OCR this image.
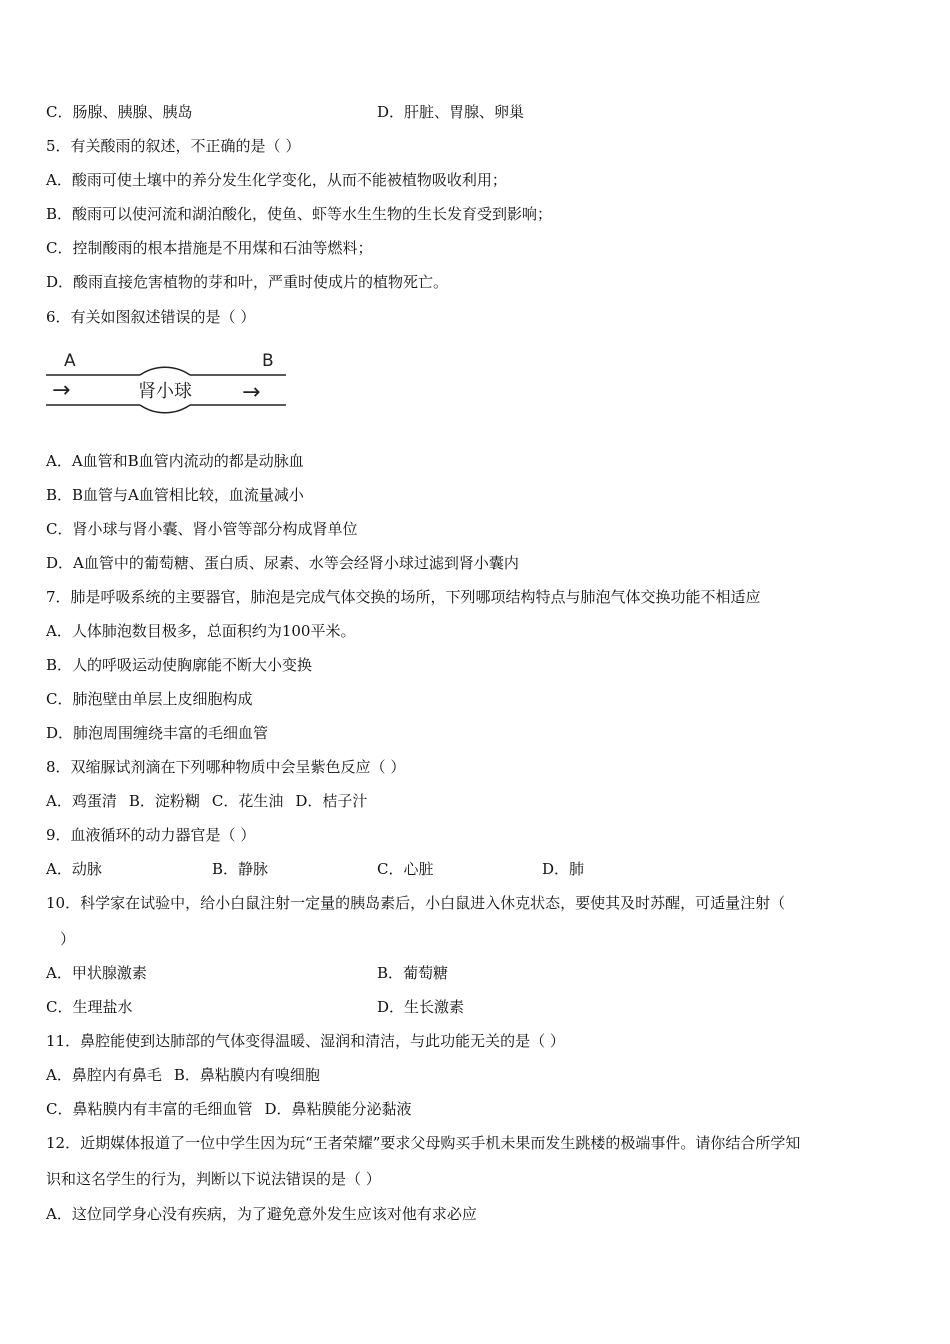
C．肠腺、胰腺、胰岛	D．肝脏、胃腺、卵巢
5．有关酸雨的叙述，不正确的是（ ）
A．酸雨可使土壤中的养分发生化学变化，从而不能被植物吸收利用；
B．酸雨可以使河流和湖泊酸化，使鱼、虾等水生生物的生长发育受到影响；
C．控制酸雨的根本措施是不用煤和石油等燃料；
D．酸雨直接危害植物的芽和叶，严重时使成片的植物死亡。
6．有关如图叙述错误的是（ ）
A	B
→	→
肾小球
A．A血管和B血管内流动的都是动脉血
B．B血管与A血管相比较，血流量减小
C．肾小球与肾小囊、肾小管等部分构成肾单位
D．A血管中的葡萄糖、蛋白质、尿素、水等会经肾小球过滤到肾小囊内
7．肺是呼吸系统的主要器官，肺泡是完成气体交换的场所，下列哪项结构特点与肺泡气体交换功能不相适应
A．人体肺泡数目极多，总面积约为100平米。
B．人的呼吸运动使胸廓能不断大小变换
C．肺泡壁由单层上皮细胞构成
D．肺泡周围缠绕丰富的毛细血管
8．双缩脲试剂滴在下列哪种物质中会呈紫色反应（ ）
A．鸡蛋清 B．淀粉糊 C．花生油 D．桔子汁
9．血液循环的动力器官是（ ）
A．动脉	B．静脉	C．心脏	D．肺
10．科学家在试验中，给小白鼠注射一定量的胰岛素后，小白鼠进入休克状态，要使其及时苏醒，可适量注射（
）
A．甲状腺激素	B．葡萄糖
C．生理盐水	D．生长激素
11．鼻腔能使到达肺部的气体变得温暖、湿润和清洁，与此功能无关的是（ ）
A．鼻腔内有鼻毛 B．鼻粘膜内有嗅细胞
C．鼻粘膜内有丰富的毛细血管 D．鼻粘膜能分泌黏液
12．近期媒体报道了一位中学生因为玩“王者荣耀”要求父母购买手机未果而发生跳楼的极端事件。请你结合所学知
识和这名学生的行为，判断以下说法错误的是（ ）
A．这位同学身心没有疾病，为了避免意外发生应该对他有求必应
